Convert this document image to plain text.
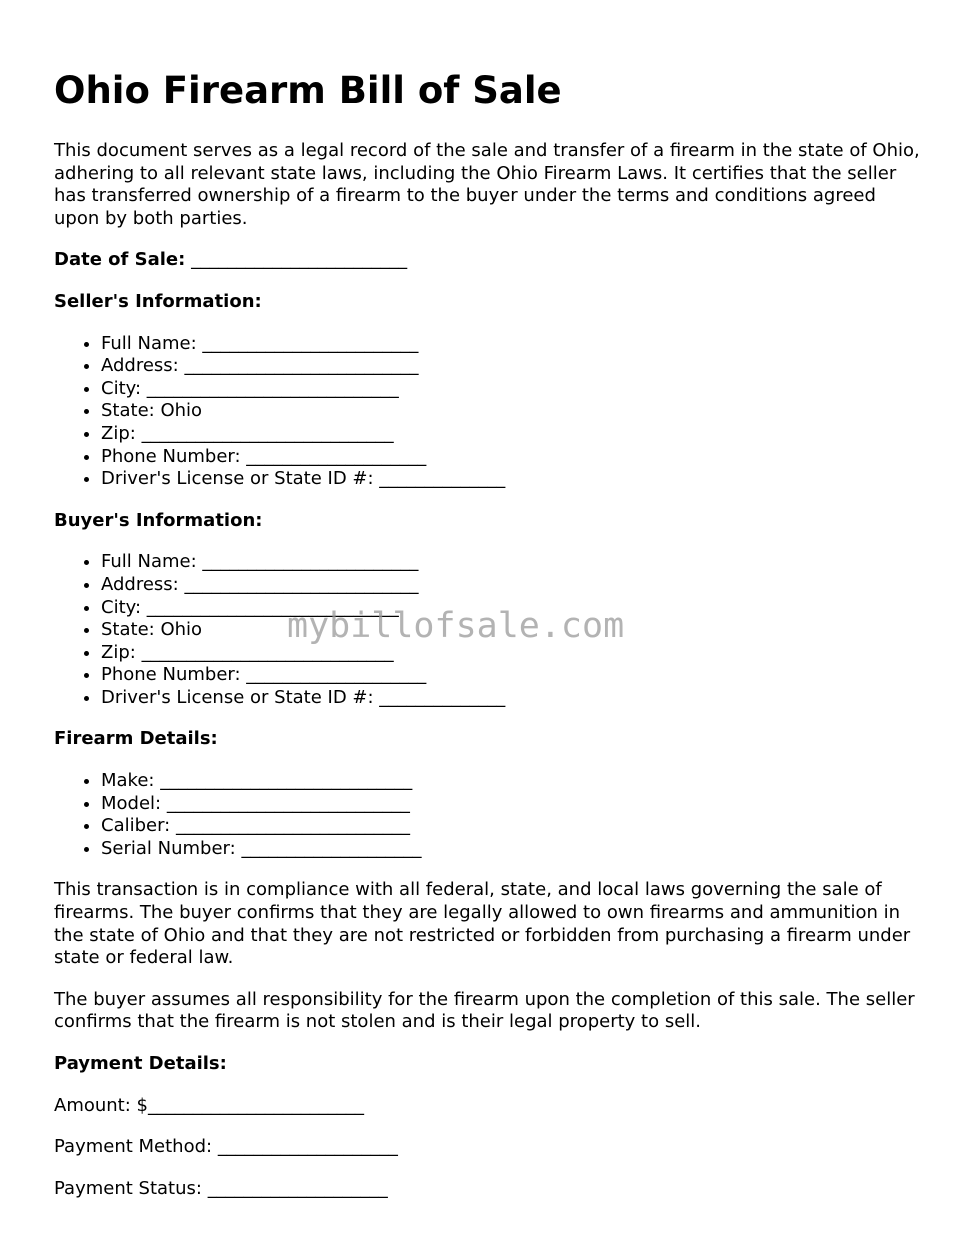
Ohio Firearm Bill of Sale

This document serves as a legal record of the sale and transfer of a firearm in the state of Ohio, adhering to all relevant state laws, including the Ohio Firearm Laws. It certifies that the seller has transferred ownership of a firearm to the buyer under the terms and conditions agreed upon by both parties.

Date of Sale: ________________________

Seller's Information:

• Full Name: ________________________
• Address: __________________________
• City: ____________________________
• State: Ohio
• Zip: ____________________________
• Phone Number: ____________________
• Driver's License or State ID #: ______________

Buyer's Information:

• Full Name: ________________________
• Address: __________________________
• City: ____________________________
• State: Ohio
• Zip: ____________________________
• Phone Number: ____________________
• Driver's License or State ID #: ______________

Firearm Details:

• Make: ____________________________
• Model: ___________________________
• Caliber: __________________________
• Serial Number: ____________________

This transaction is in compliance with all federal, state, and local laws governing the sale of firearms. The buyer confirms that they are legally allowed to own firearms and ammunition in the state of Ohio and that they are not restricted or forbidden from purchasing a firearm under state or federal law.

The buyer assumes all responsibility for the firearm upon the completion of this sale. The seller confirms that the firearm is not stolen and is their legal property to sell.

Payment Details:

Amount: $________________________

Payment Method: ____________________

Payment Status: ____________________

mybillofsale.com
